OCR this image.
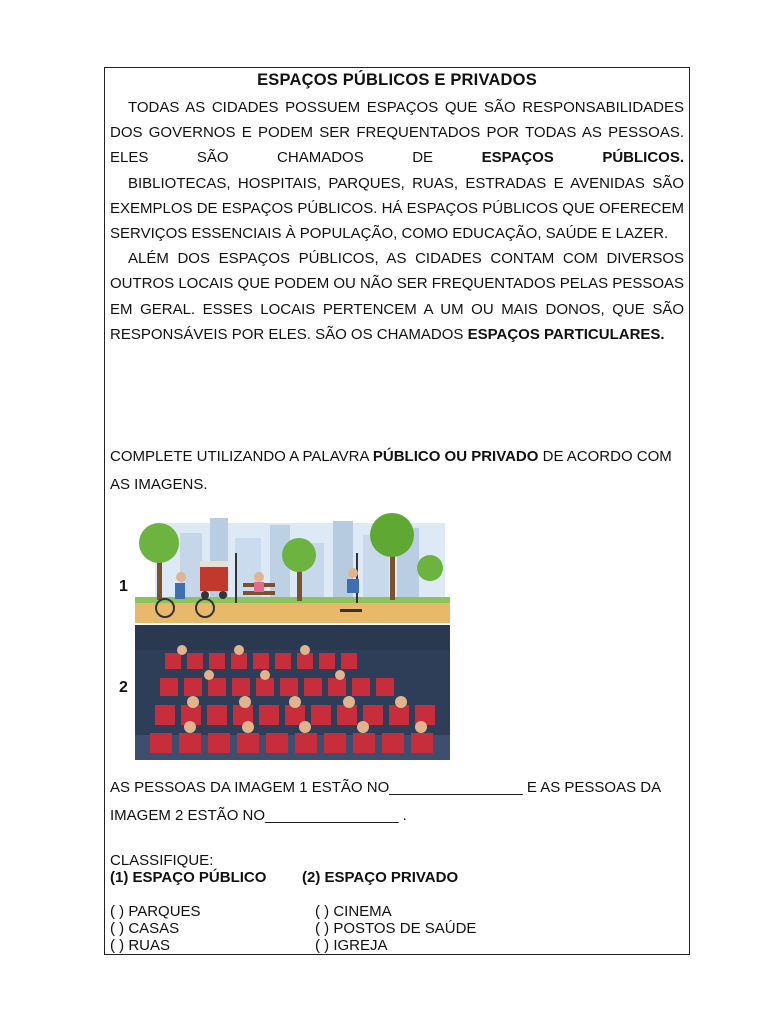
ESPAÇOS PÚBLICOS E PRIVADOS

TODAS AS CIDADES POSSUEM ESPAÇOS QUE SÃO RESPONSABILIDADES DOS GOVERNOS E PODEM SER FREQUENTADOS POR TODAS AS PESSOAS. ELES SÃO CHAMADOS DE ESPAÇOS PÚBLICOS.

BIBLIOTECAS, HOSPITAIS, PARQUES, RUAS, ESTRADAS E AVENIDAS SÃO EXEMPLOS DE ESPAÇOS PÚBLICOS. HÁ ESPAÇOS PÚBLICOS QUE OFERECEM SERVIÇOS ESSENCIAIS À POPULAÇÃO, COMO EDUCAÇÃO, SAÚDE E LAZER.

ALÉM DOS ESPAÇOS PÚBLICOS, AS CIDADES CONTAM COM DIVERSOS OUTROS LOCAIS QUE PODEM OU NÃO SER FREQUENTADOS PELAS PESSOAS EM GERAL. ESSES LOCAIS PERTENCEM A UM OU MAIS DONOS, QUE SÃO RESPONSÁVEIS POR ELES. SÃO OS CHAMADOS ESPAÇOS PARTICULARES.

COMPLETE UTILIZANDO A PALAVRA PÚBLICO OU PRIVADO DE ACORDO COM AS IMAGENS.

1
2

AS PESSOAS DA IMAGEM 1 ESTÃO NO________________ E AS PESSOAS DA

IMAGEM 2 ESTÃO NO________________ .

CLASSIFIQUE:
(1) ESPAÇO PÚBLICO	(2) ESPAÇO PRIVADO
( ) PARQUES	( ) CINEMA
( ) CASAS	( ) POSTOS DE SAÚDE
( ) RUAS	( ) IGREJA
